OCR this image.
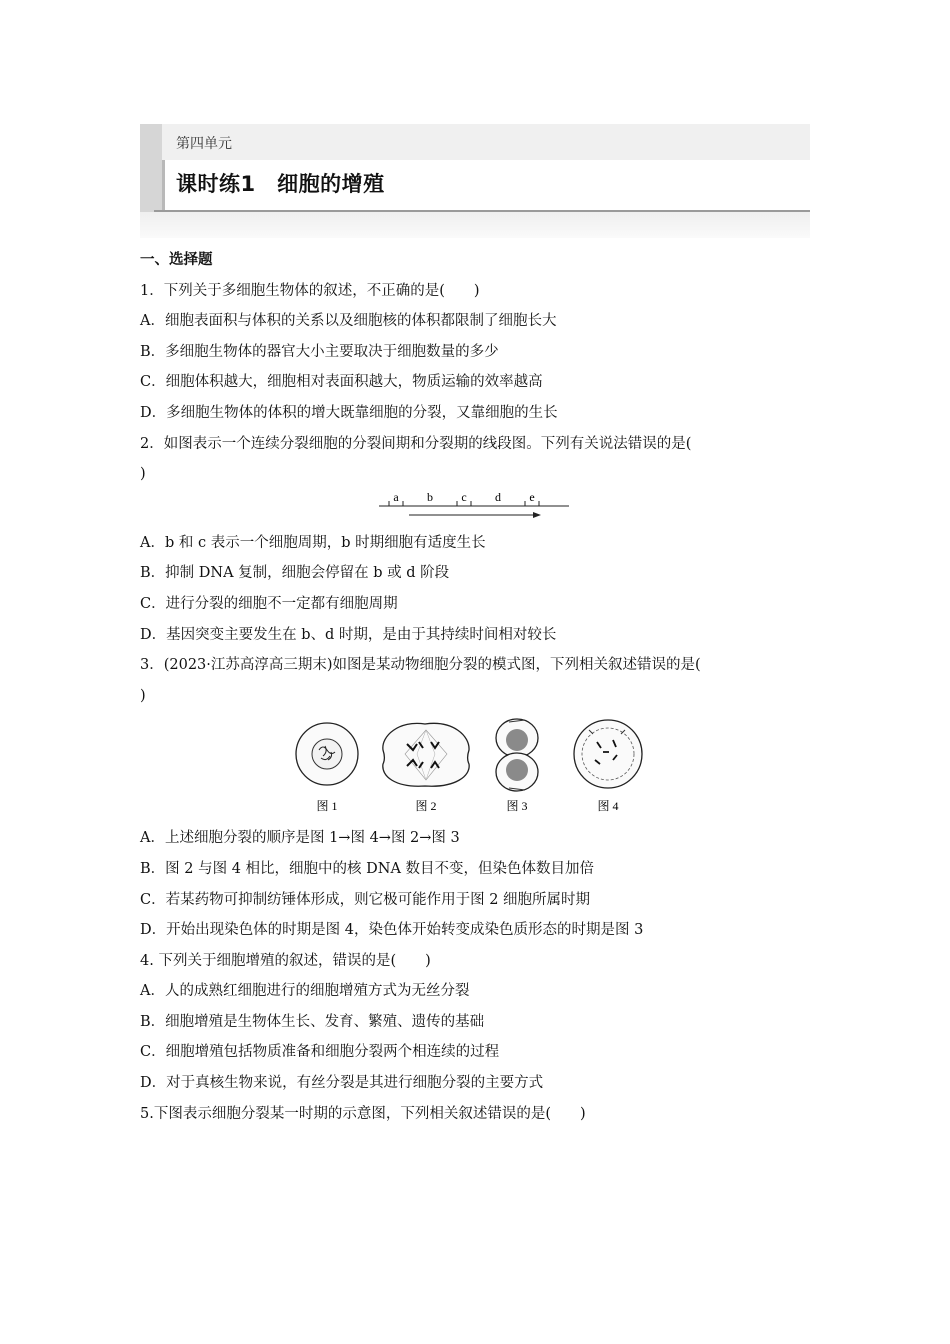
第四单元
课时练1　细胞的增殖
一、选择题
1．下列关于多细胞生物体的叙述，不正确的是(　　)
A．细胞表面积与体积的关系以及细胞核的体积都限制了细胞长大
B．多细胞生物体的器官大小主要取决于细胞数量的多少
C．细胞体积越大，细胞相对表面积越大，物质运输的效率越高
D．多细胞生物体的体积的增大既靠细胞的分裂，又靠细胞的生长
2．如图表示一个连续分裂细胞的分裂间期和分裂期的线段图。下列有关说法错误的是(
)
a b c d e
A．b 和 c 表示一个细胞周期，b 时期细胞有适度生长
B．抑制 DNA 复制，细胞会停留在 b 或 d 阶段
C．进行分裂的细胞不一定都有细胞周期
D．基因突变主要发生在 b、d 时期，是由于其持续时间相对较长
3．(2023·江苏高淳高三期末)如图是某动物细胞分裂的模式图，下列相关叙述错误的是(
)
图 1	图 2	图 3	图 4
A．上述细胞分裂的顺序是图 1→图 4→图 2→图 3
B．图 2 与图 4 相比，细胞中的核 DNA 数目不变，但染色体数目加倍
C．若某药物可抑制纺锤体形成，则它极可能作用于图 2 细胞所属时期
D．开始出现染色体的时期是图 4，染色体开始转变成染色质形态的时期是图 3
4. 下列关于细胞增殖的叙述，错误的是(　　)
A．人的成熟红细胞进行的细胞增殖方式为无丝分裂
B．细胞增殖是生物体生长、发育、繁殖、遗传的基础
C．细胞增殖包括物质准备和细胞分裂两个相连续的过程
D．对于真核生物来说，有丝分裂是其进行细胞分裂的主要方式
5.下图表示细胞分裂某一时期的示意图，下列相关叙述错误的是(　　)
